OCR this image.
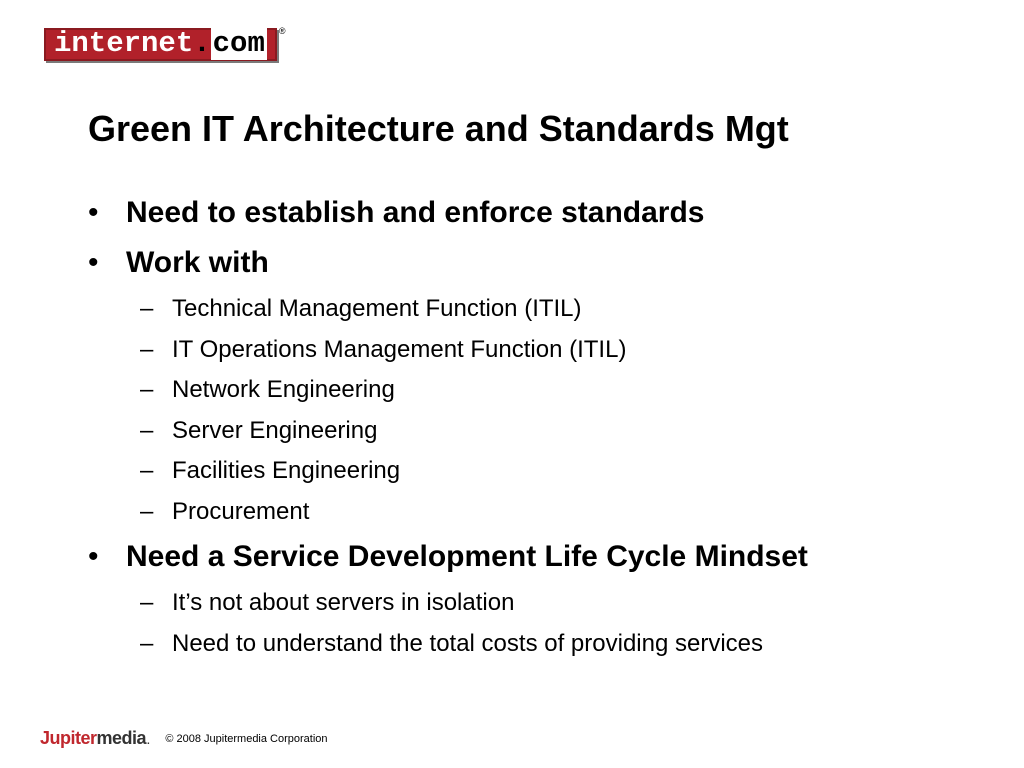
internet.com ®
Green IT Architecture and Standards Mgt
• Need to establish and enforce standards
• Work with
– Technical Management Function (ITIL)
– IT Operations Management Function (ITIL)
– Network Engineering
– Server Engineering
– Facilities Engineering
– Procurement
• Need a Service Development Life Cycle Mindset
– It’s not about servers in isolation
– Need to understand the total costs of providing services
Jupiter media . © 2008 Jupitermedia Corporation
